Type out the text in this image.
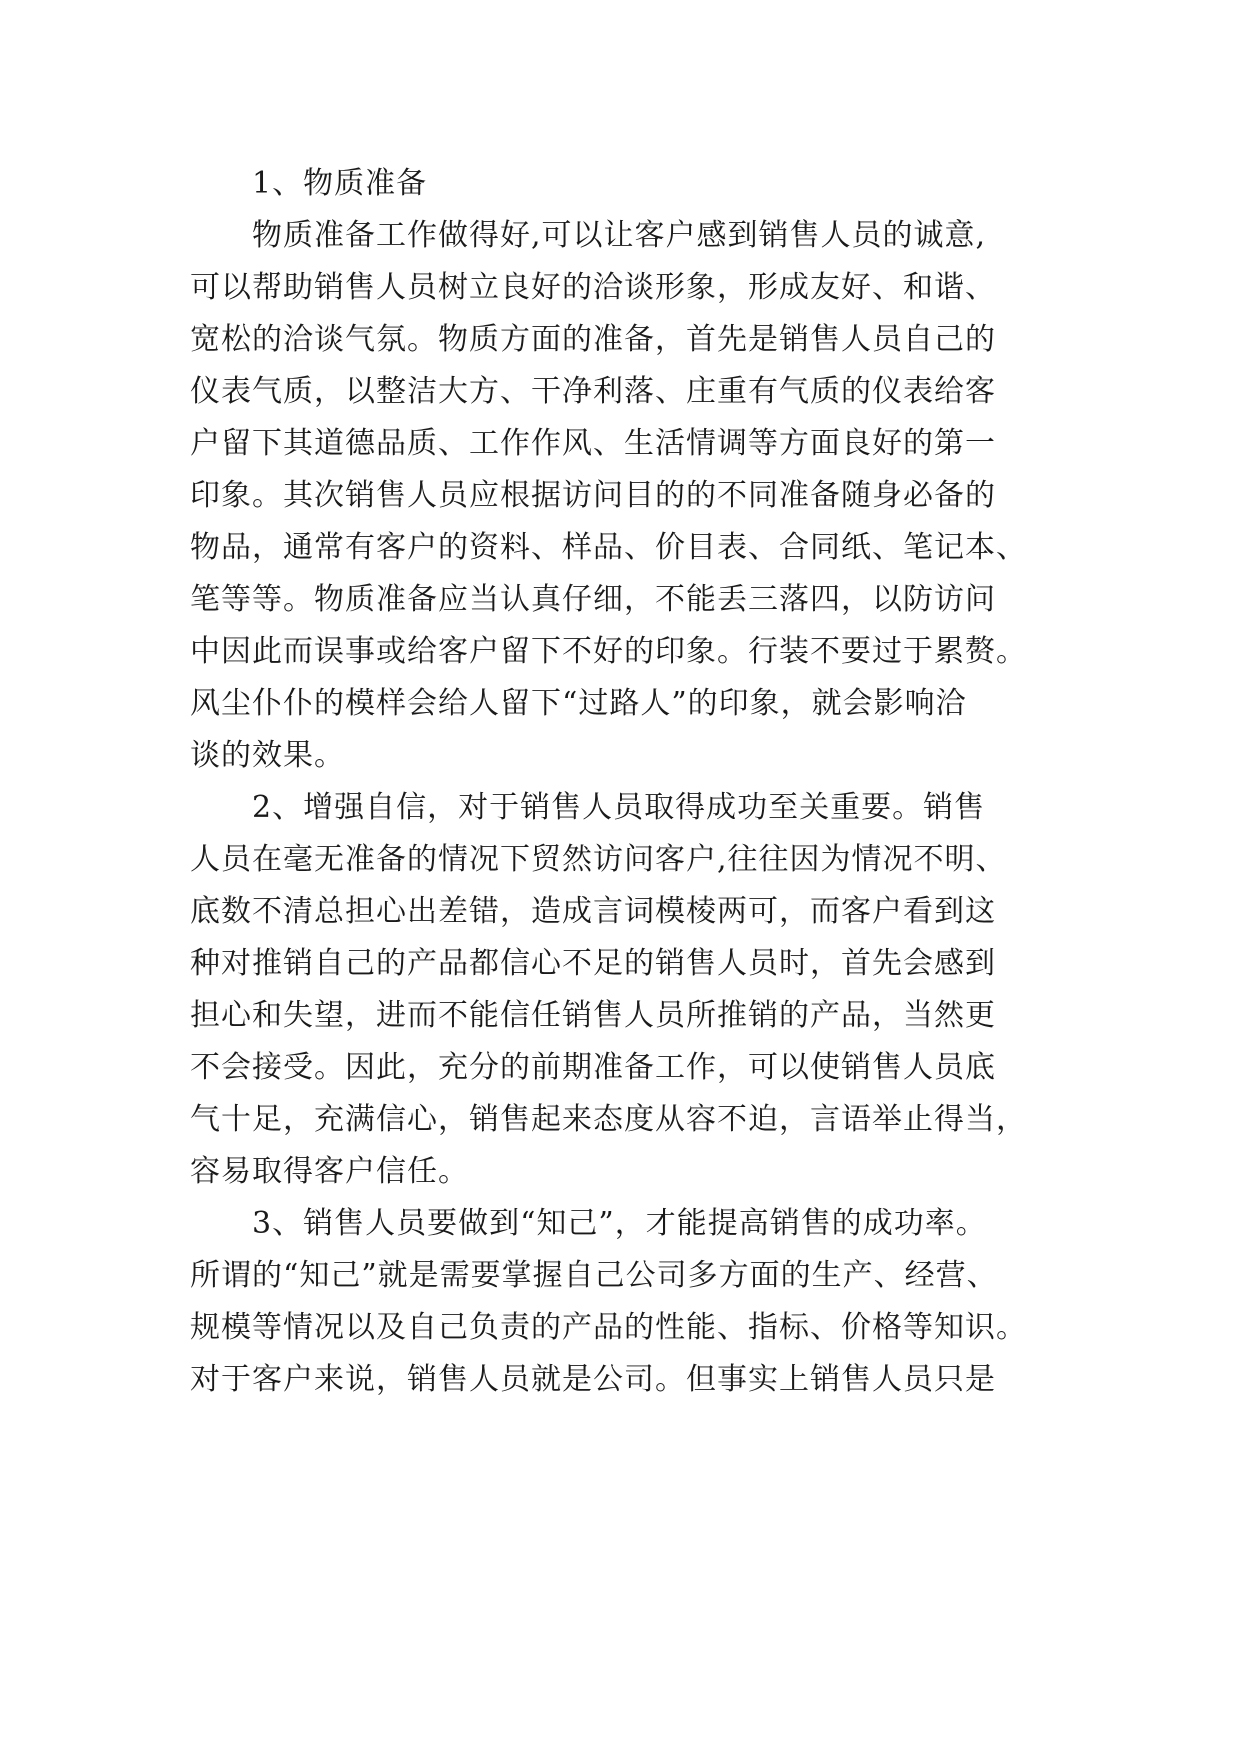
1、物质准备
物质准备工作做得好,可以让客户感到销售人员的诚意,
可以帮助销售人员树立良好的洽谈形象，形成友好、和谐、
宽松的洽谈气氛。物质方面的准备，首先是销售人员自己的
仪表气质，以整洁大方、干净利落、庄重有气质的仪表给客
户留下其道德品质、工作作风、生活情调等方面良好的第一
印象。其次销售人员应根据访问目的的不同准备随身必备的
物品，通常有客户的资料、样品、价目表、合同纸、笔记本、
笔等等。物质准备应当认真仔细，不能丢三落四，以防访问
中因此而误事或给客户留下不好的印象。行装不要过于累赘。
风尘仆仆的模样会给人留下“过路人”的印象，就会影响洽
谈的效果。
2、增强自信，对于销售人员取得成功至关重要。销售
人员在毫无准备的情况下贸然访问客户,往往因为情况不明、
底数不清总担心出差错，造成言词模棱两可，而客户看到这
种对推销自己的产品都信心不足的销售人员时，首先会感到
担心和失望，进而不能信任销售人员所推销的产品，当然更
不会接受。因此，充分的前期准备工作，可以使销售人员底
气十足，充满信心，销售起来态度从容不迫，言语举止得当，
容易取得客户信任。
3、销售人员要做到“知己”，才能提高销售的成功率。
所谓的“知己”就是需要掌握自己公司多方面的生产、经营、
规模等情况以及自己负责的产品的性能、指标、价格等知识。
对于客户来说，销售人员就是公司。但事实上销售人员只是
